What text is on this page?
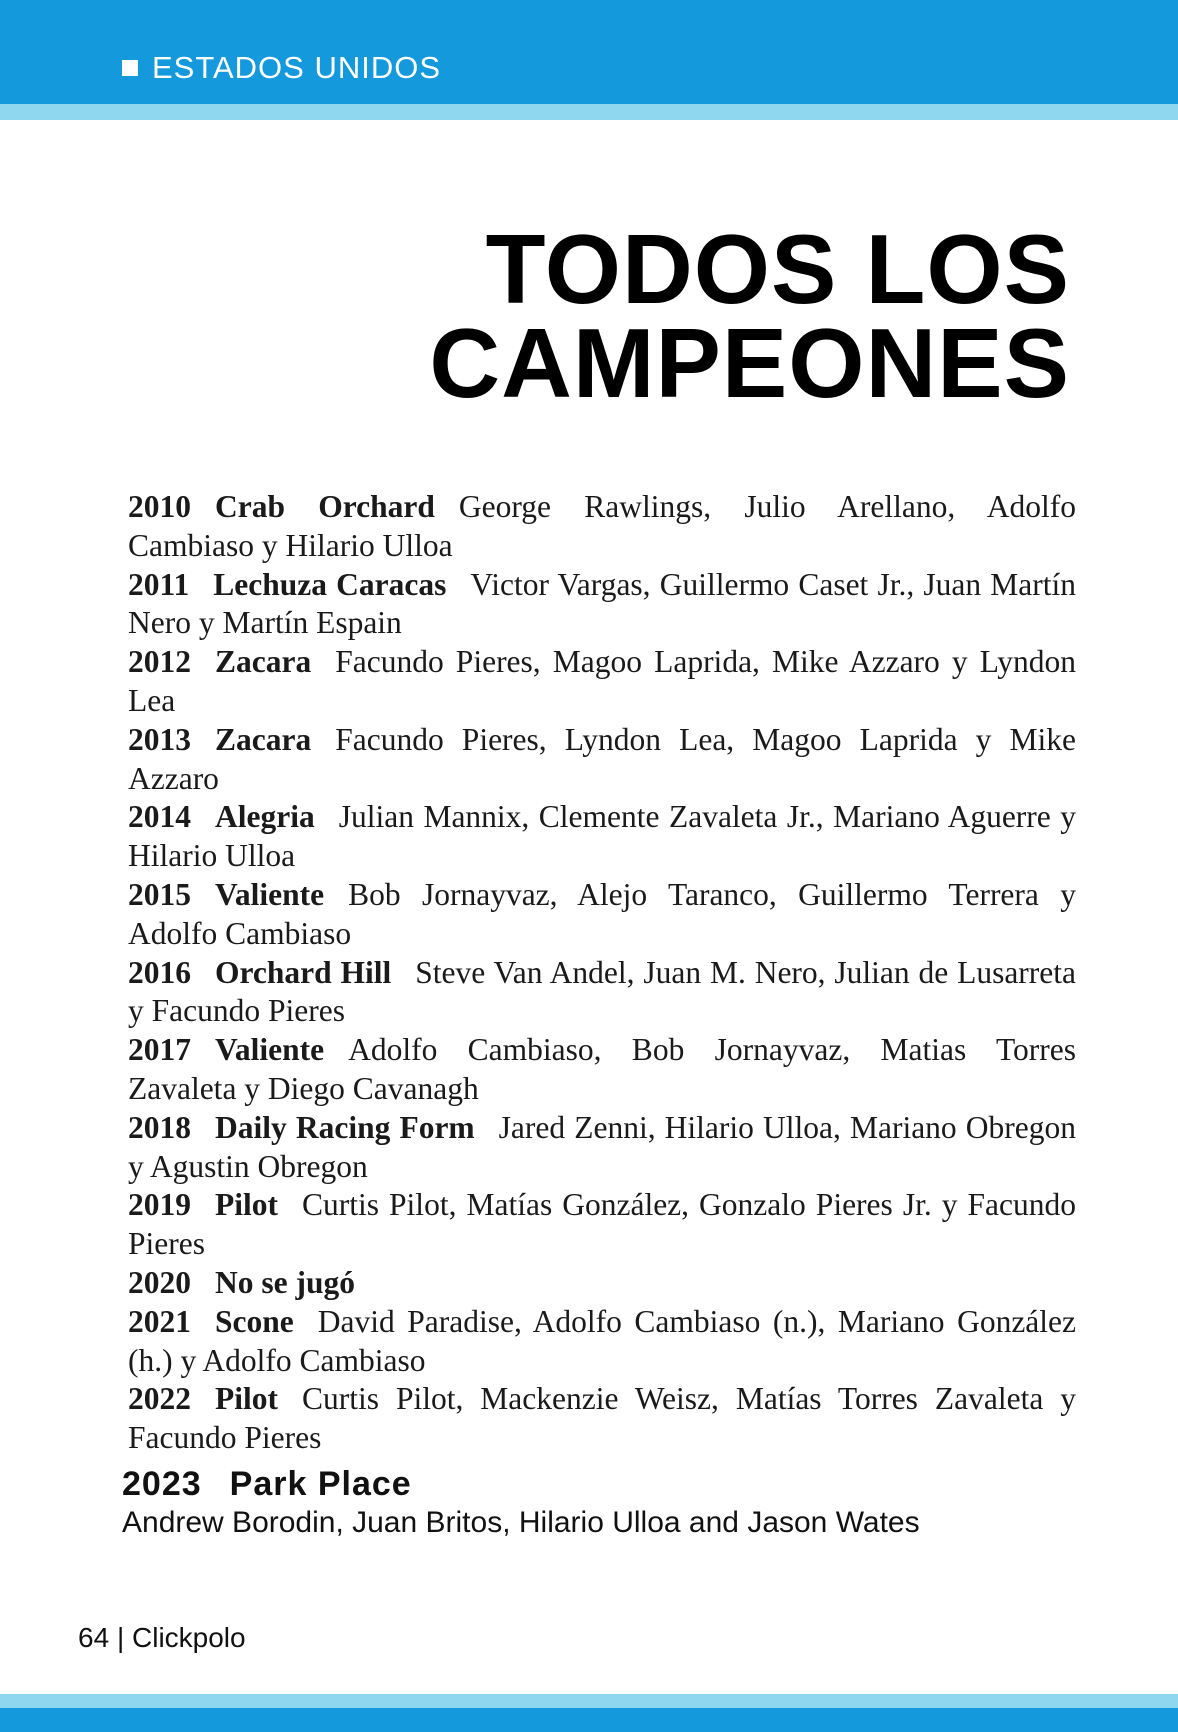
ESTADOS UNIDOS
TODOS LOS
CAMPEONES

2010 Crab Orchard George Rawlings, Julio Arellano, Adolfo Cambiaso y Hilario Ulloa

2011 Lechuza Caracas Victor Vargas, Guillermo Caset Jr., Juan Martín Nero y Martín Espain

2012 Zacara Facundo Pieres, Magoo Laprida, Mike Azzaro y Lyndon Lea

2013 Zacara Facundo Pieres, Lyndon Lea, Magoo Laprida y Mike Azzaro

2014 Alegria Julian Mannix, Clemente Zavaleta Jr., Mariano Aguerre y Hilario Ulloa

2015 Valiente Bob Jornayvaz, Alejo Taranco, Guillermo Terrera y Adolfo Cambiaso

2016 Orchard Hill Steve Van Andel, Juan M. Nero, Julian de Lusarreta y Facundo Pieres

2017 Valiente Adolfo Cambiaso, Bob Jornayvaz, Matias Torres Zavaleta y Diego Cavanagh

2018 Daily Racing Form Jared Zenni, Hilario Ulloa, Mariano Obregon y Agustin Obregon

2019 Pilot Curtis Pilot, Matías González, Gonzalo Pieres Jr. y Facundo Pieres

2020 No se jugó

2021 Scone David Paradise, Adolfo Cambiaso (n.), Mariano González (h.) y Adolfo Cambiaso

2022 Pilot Curtis Pilot, Mackenzie Weisz, Matías Torres Zavaleta y Facundo Pieres

2023 Park Place
Andrew Borodin, Juan Britos, Hilario Ulloa and Jason Wates
64 | Clickpolo
